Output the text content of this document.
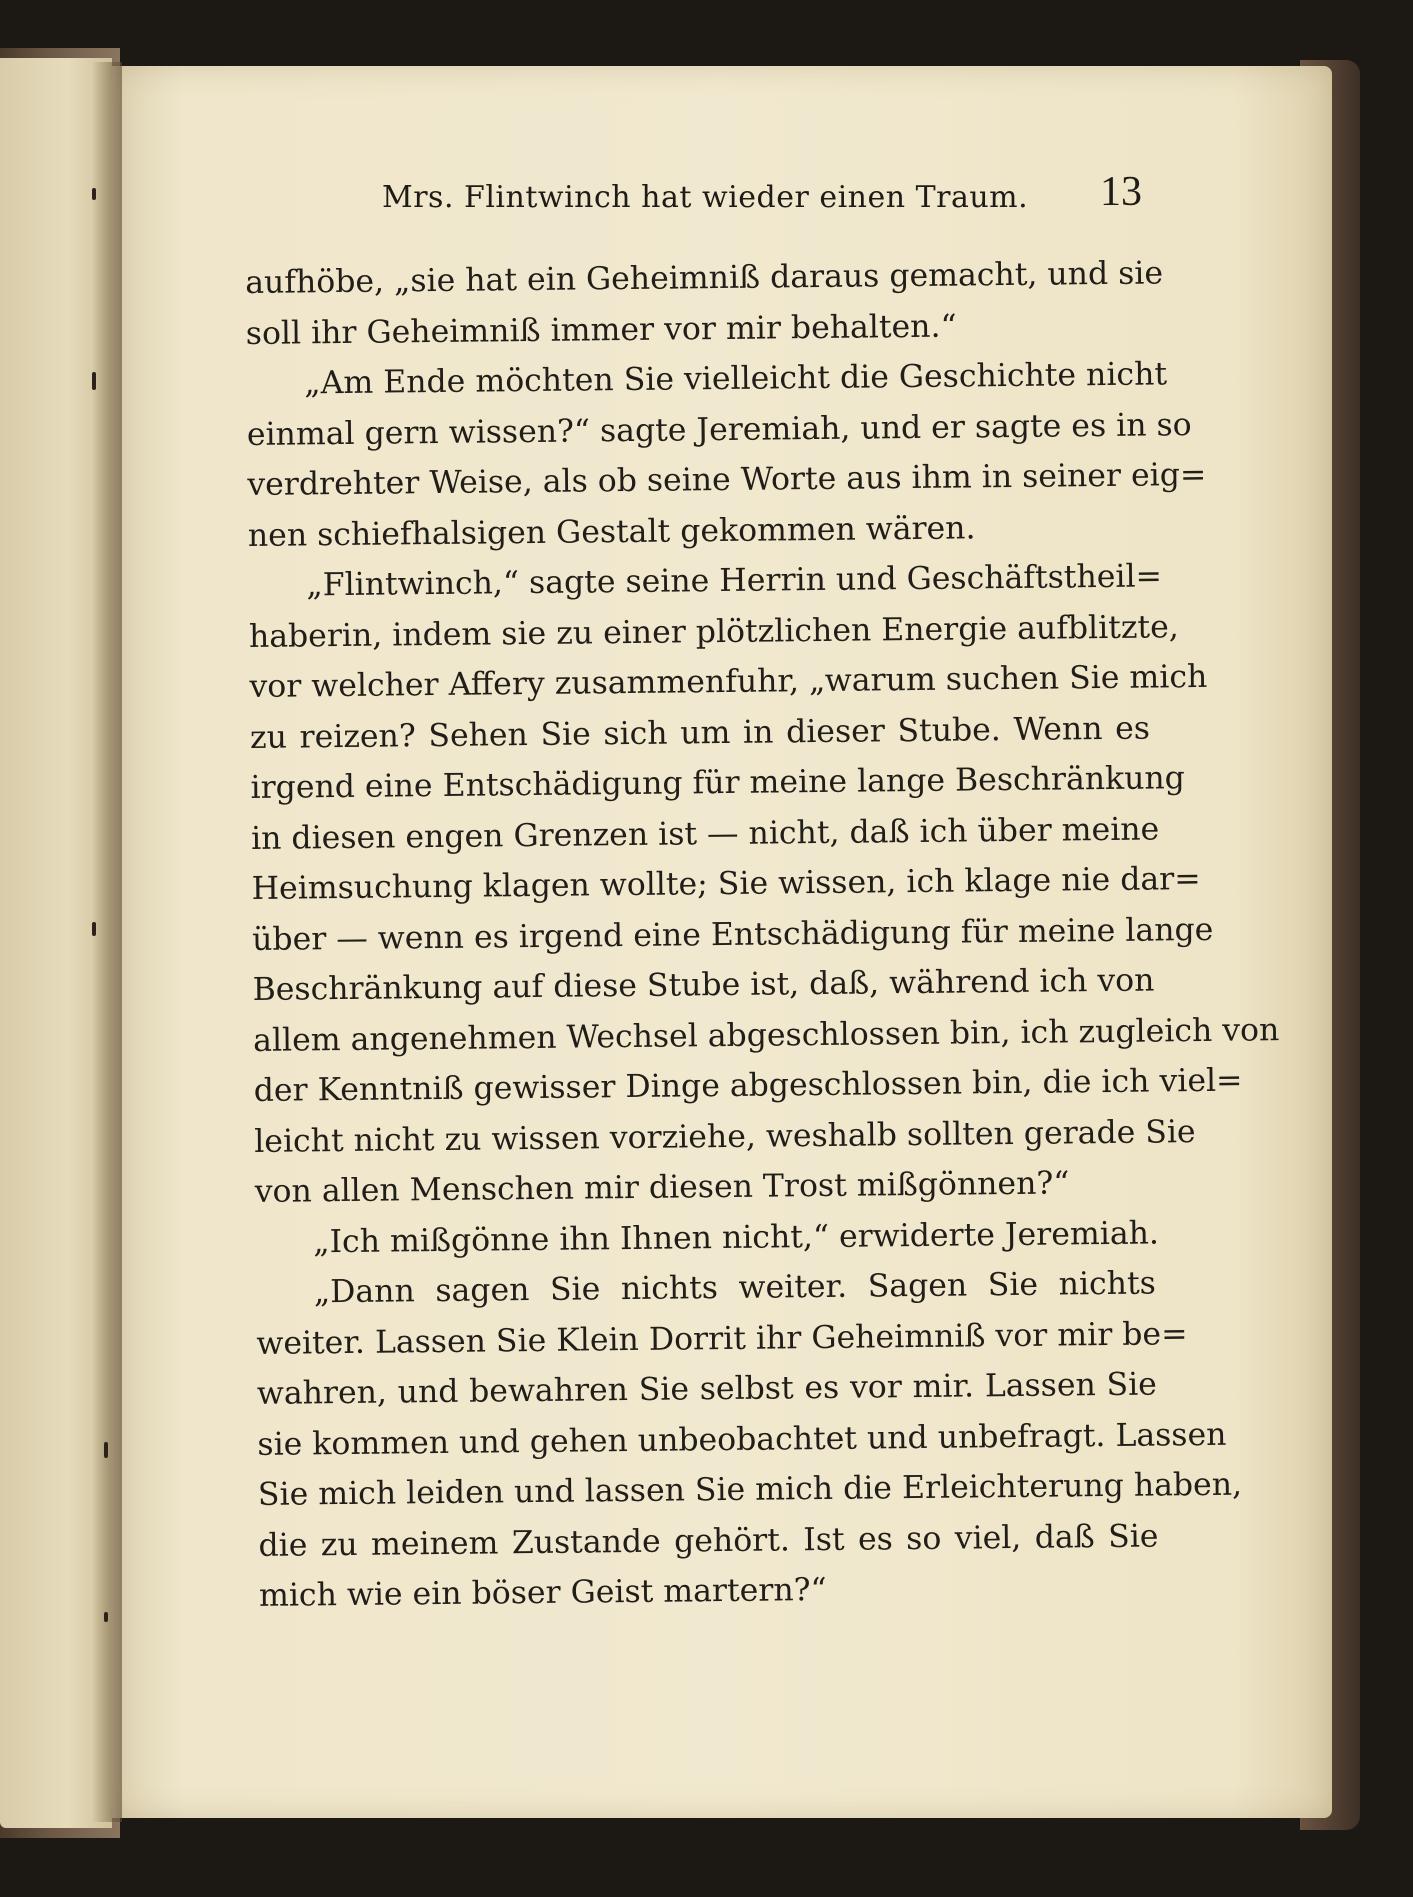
Mrs. Flintwinch hat wieder einen Traum. 13
aufhöbe, „sie hat ein Geheimniß daraus gemacht, und sie
soll ihr Geheimniß immer vor mir behalten.“
„Am Ende möchten Sie vielleicht die Geschichte nicht
einmal gern wissen?“ sagte Jeremiah, und er sagte es in so
verdrehter Weise, als ob seine Worte aus ihm in seiner eig=
nen schiefhalsigen Gestalt gekommen wären.
„Flintwinch,“ sagte seine Herrin und Geschäftstheil=
haberin, indem sie zu einer plötzlichen Energie aufblitzte,
vor welcher Affery zusammenfuhr, „warum suchen Sie mich
zu reizen? Sehen Sie sich um in dieser Stube. Wenn es
irgend eine Entschädigung für meine lange Beschränkung
in diesen engen Grenzen ist — nicht, daß ich über meine
Heimsuchung klagen wollte; Sie wissen, ich klage nie dar=
über — wenn es irgend eine Entschädigung für meine lange
Beschränkung auf diese Stube ist, daß, während ich von
allem angenehmen Wechsel abgeschlossen bin, ich zugleich von
der Kenntniß gewisser Dinge abgeschlossen bin, die ich viel=
leicht nicht zu wissen vorziehe, weshalb sollten gerade Sie
von allen Menschen mir diesen Trost mißgönnen?“
„Ich mißgönne ihn Ihnen nicht,“ erwiderte Jeremiah.
„Dann sagen Sie nichts weiter. Sagen Sie nichts
weiter. Lassen Sie Klein Dorrit ihr Geheimniß vor mir be=
wahren, und bewahren Sie selbst es vor mir. Lassen Sie
sie kommen und gehen unbeobachtet und unbefragt. Lassen
Sie mich leiden und lassen Sie mich die Erleichterung haben,
die zu meinem Zustande gehört. Ist es so viel, daß Sie
mich wie ein böser Geist martern?“
